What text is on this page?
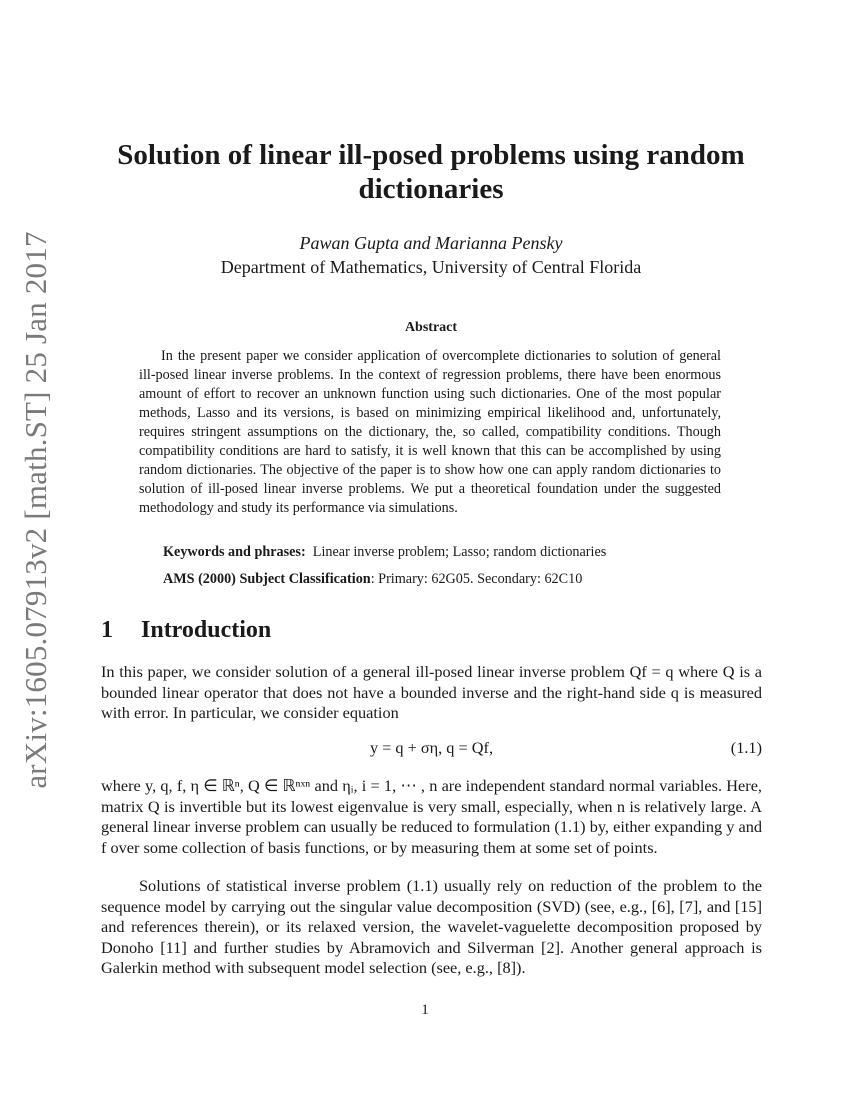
arXiv:1605.07913v2 [math.ST] 25 Jan 2017
Solution of linear ill-posed problems using random dictionaries
Pawan Gupta and Marianna Pensky
Department of Mathematics, University of Central Florida
Abstract
In the present paper we consider application of overcomplete dictionaries to solution of general ill-posed linear inverse problems. In the context of regression problems, there have been enormous amount of effort to recover an unknown function using such dictionaries. One of the most popular methods, Lasso and its versions, is based on minimizing empirical likelihood and, unfortunately, requires stringent assumptions on the dictionary, the, so called, compatibility conditions. Though compatibility conditions are hard to satisfy, it is well known that this can be accomplished by using random dictionaries. The objective of the paper is to show how one can apply random dictionaries to solution of ill-posed linear inverse problems. We put a theoretical foundation under the suggested methodology and study its performance via simulations.
Keywords and phrases: Linear inverse problem; Lasso; random dictionaries
AMS (2000) Subject Classification: Primary: 62G05. Secondary: 62C10
1 Introduction
In this paper, we consider solution of a general ill-posed linear inverse problem Qf = q where Q is a bounded linear operator that does not have a bounded inverse and the right-hand side q is measured with error. In particular, we consider equation
y = q + ση, q = Qf,	(1.1)
where y, q, f, η ∈ ℝⁿ, Q ∈ ℝⁿˣⁿ and ηᵢ, i = 1, ⋯ , n are independent standard normal variables. Here, matrix Q is invertible but its lowest eigenvalue is very small, especially, when n is relatively large. A general linear inverse problem can usually be reduced to formulation (1.1) by, either expanding y and f over some collection of basis functions, or by measuring them at some set of points.
Solutions of statistical inverse problem (1.1) usually rely on reduction of the problem to the sequence model by carrying out the singular value decomposition (SVD) (see, e.g., [6], [7], and [15] and references therein), or its relaxed version, the wavelet-vaguelette decomposition proposed by Donoho [11] and further studies by Abramovich and Silverman [2]. Another general approach is Galerkin method with subsequent model selection (see, e.g., [8]).
1
